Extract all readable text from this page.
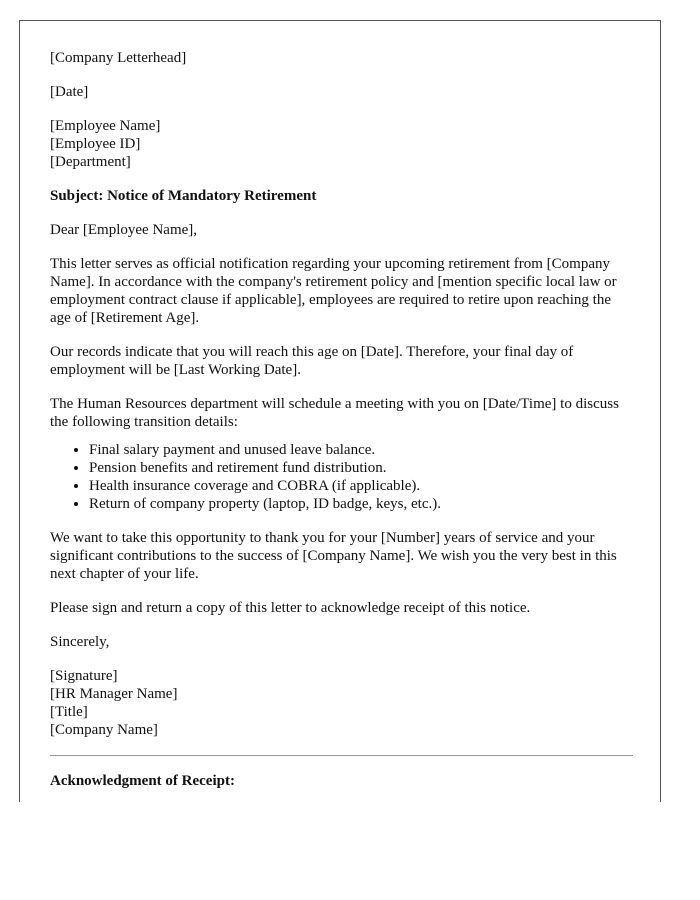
[Company Letterhead]

[Date]

[Employee Name]
[Employee ID]
[Department]

Subject: Notice of Mandatory Retirement

Dear [Employee Name],

This letter serves as official notification regarding your upcoming retirement from [Company Name]. In accordance with the company's retirement policy and [mention specific local law or employment contract clause if applicable], employees are required to retire upon reaching the age of [Retirement Age].

Our records indicate that you will reach this age on [Date]. Therefore, your final day of employment will be [Last Working Date].

The Human Resources department will schedule a meeting with you on [Date/Time] to discuss the following transition details:

• Final salary payment and unused leave balance.
• Pension benefits and retirement fund distribution.
• Health insurance coverage and COBRA (if applicable).
• Return of company property (laptop, ID badge, keys, etc.).

We want to take this opportunity to thank you for your [Number] years of service and your significant contributions to the success of [Company Name]. We wish you the very best in this next chapter of your life.

Please sign and return a copy of this letter to acknowledge receipt of this notice.

Sincerely,

[Signature]
[HR Manager Name]
[Title]
[Company Name]

Acknowledgment of Receipt:
